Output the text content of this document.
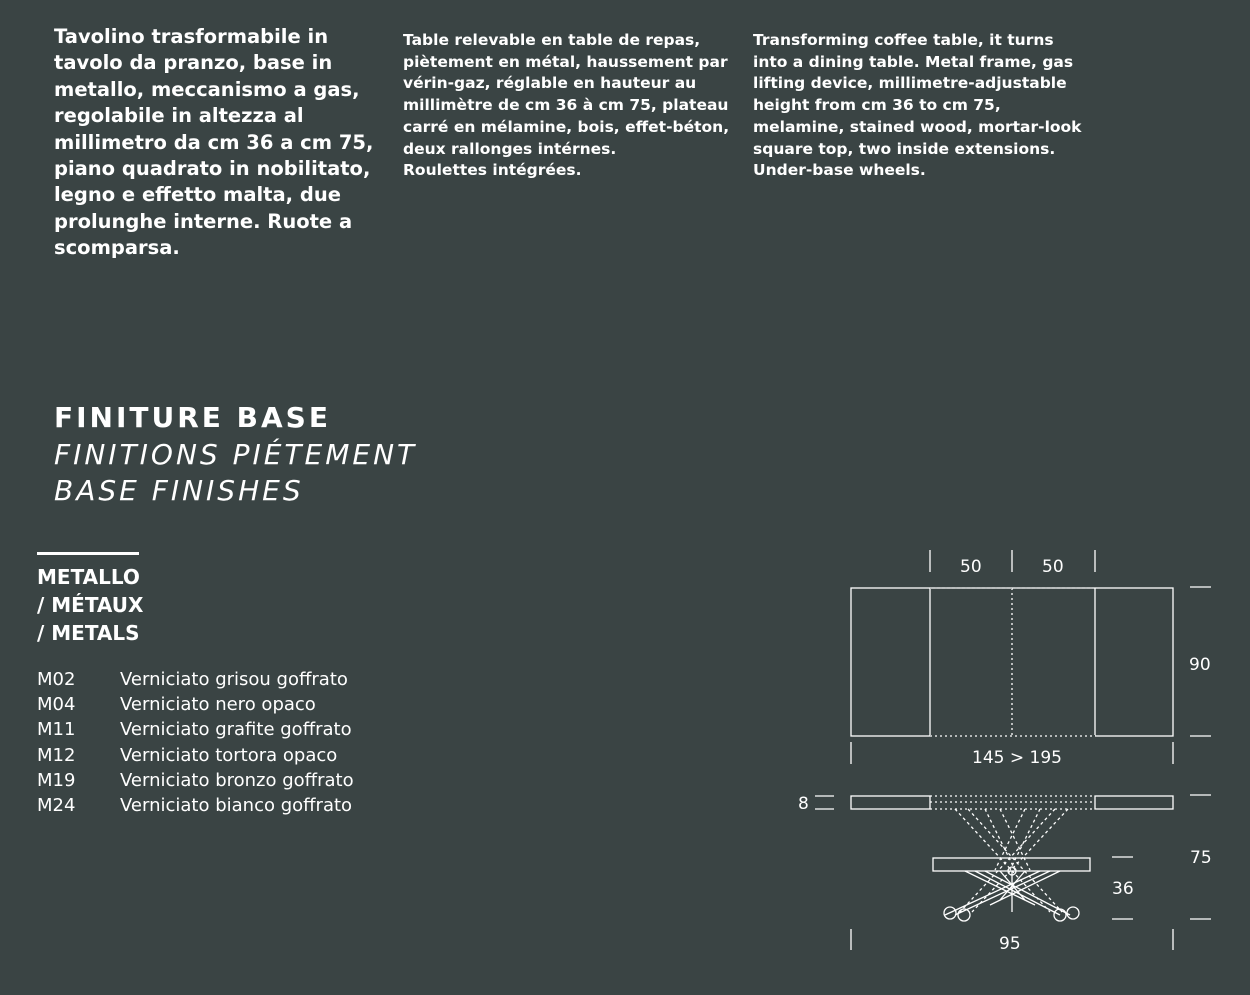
Tavolino trasformabile in tavolo da pranzo, base in metallo, meccanismo a gas, regolabile in altezza al millimetro da cm 36 a cm 75, piano quadrato in nobilitato, legno e effetto malta, due prolunghe interne. Ruote a scomparsa.

Table relevable en table de repas, piètement en métal, haussement par vérin-gaz, réglable en hauteur au millimètre de cm 36 à cm 75, plateau carré en mélamine, bois, effet-béton, deux rallonges intérnes.

Roulettes intégrées.

Transforming coffee table, it turns into a dining table. Metal frame, gas lifting device, millimetre-adjustable height from cm 36 to cm 75, melamine, stained wood, mortar-look square top, two inside extensions. Under-base wheels.

FINITURE BASE
FINITIONS PIÉTEMENT
BASE FINISHES
METALLO
/ MÉTAUX
/ METALS
M02 Verniciato grisou goffrato
M04 Verniciato nero opaco
M11 Verniciato grafite goffrato
M12 Verniciato tortora opaco
M19 Verniciato bronzo goffrato
M24 Verniciato bianco goffrato
50	50
90
145 > 195
8
75
36
95
